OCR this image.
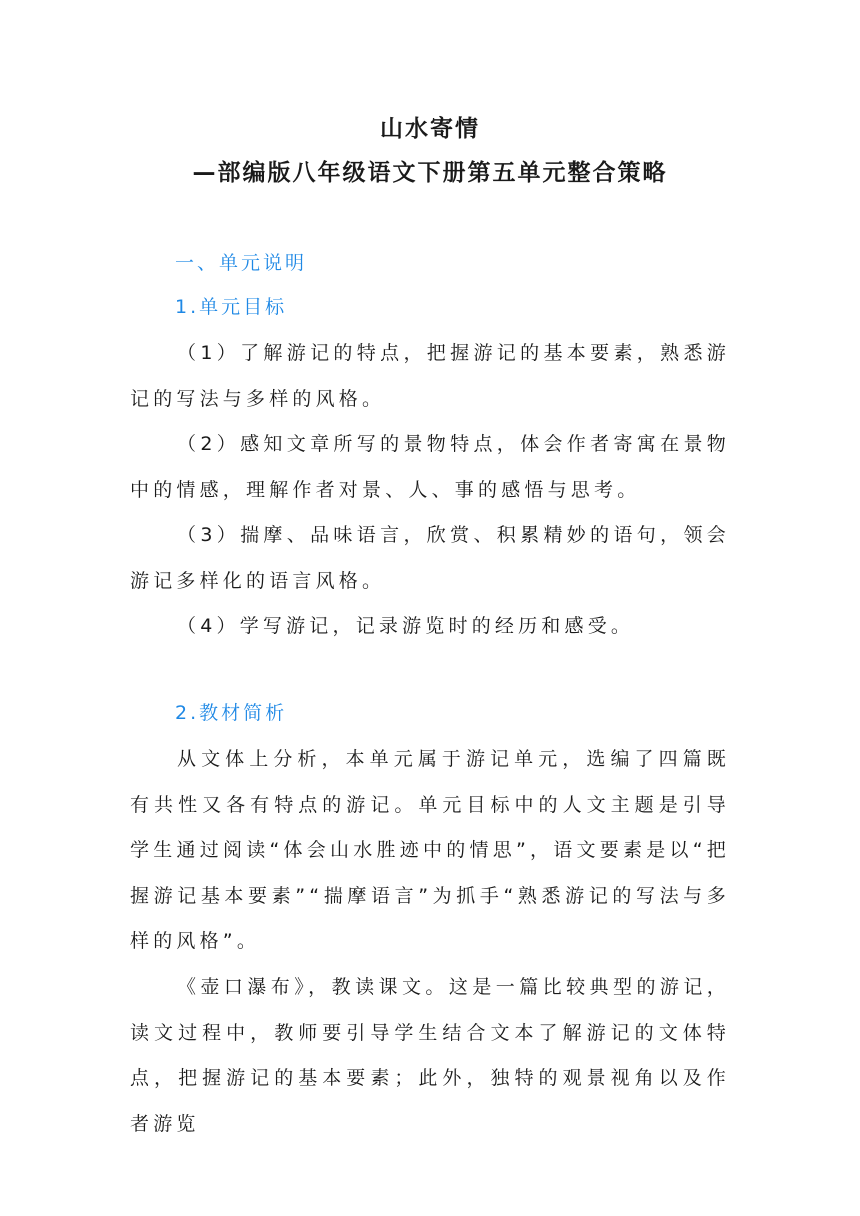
山水寄情
—部编版八年级语文下册第五单元整合策略
一、单元说明
1.单元目标
（1）了解游记的特点，把握游记的基本要素，熟悉游记的写法与多样的风格。
（2）感知文章所写的景物特点，体会作者寄寓在景物中的情感，理解作者对景、人、事的感悟与思考。
（3）揣摩、品味语言，欣赏、积累精妙的语句，领会游记多样化的语言风格。
（4）学写游记，记录游览时的经历和感受。
2.教材简析
从文体上分析，本单元属于游记单元，选编了四篇既有共性又各有特点的游记。单元目标中的人文主题是引导学生通过阅读“体会山水胜迹中的情思”，语文要素是以“把握游记基本要素”“揣摩语言”为抓手“熟悉游记的写法与多样的风格”。
《壶口瀑布》，教读课文。这是一篇比较典型的游记，读文过程中，教师要引导学生结合文本了解游记的文体特点，把握游记的基本要素；此外，独特的观景视角以及作者游览
